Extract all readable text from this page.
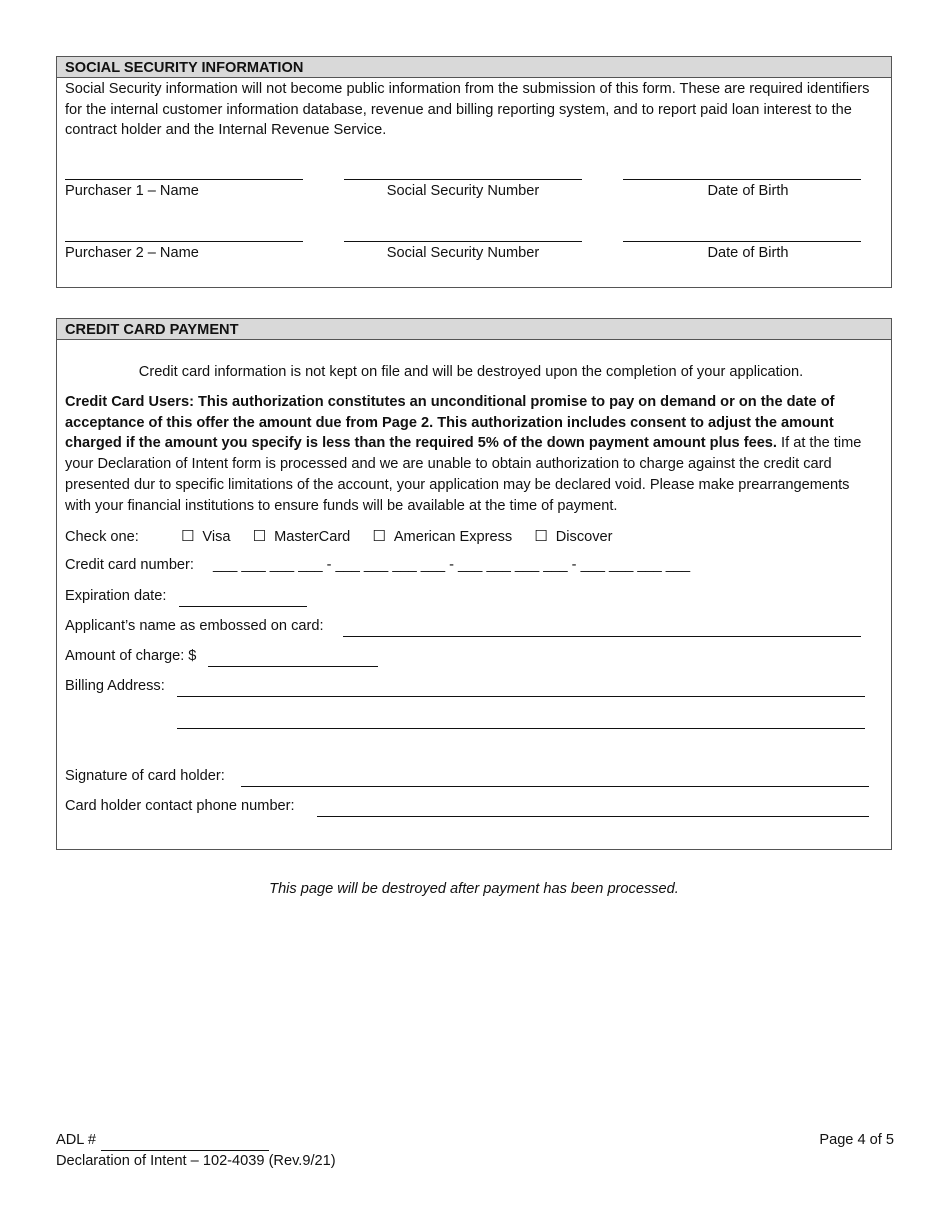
SOCIAL SECURITY INFORMATION
Social Security information will not become public information from the submission of this form. These are required identifiers for the internal customer information database, revenue and billing reporting system, and to report paid loan interest to the contract holder and the Internal Revenue Service.
Purchaser 1 – Name	Social Security Number	Date of Birth
Purchaser 2 – Name	Social Security Number	Date of Birth
CREDIT CARD PAYMENT
Credit card information is not kept on file and will be destroyed upon the completion of your application.
Credit Card Users: This authorization constitutes an unconditional promise to pay on demand or on the date of acceptance of this offer the amount due from Page 2. This authorization includes consent to adjust the amount charged if the amount you specify is less than the required 5% of the down payment amount plus fees. If at the time your Declaration of Intent form is processed and we are unable to obtain authorization to charge against the credit card presented dur to specific limitations of the account, your application may be declared void. Please make prearrangements with your financial institutions to ensure funds will be available at the time of payment.
Check one:	☐ Visa ☐ MasterCard ☐ American Express ☐ Discover
Credit card number: ___ ___ ___ ___ - ___ ___ ___ ___ - ___ ___ ___ ___ - ___ ___ ___ ___
Expiration date:
Applicant’s name as embossed on card:
Amount of charge: $
Billing Address:
Signature of card holder:
Card holder contact phone number:
This page will be destroyed after payment has been processed.
ADL #
Declaration of Intent – 102-4039 (Rev.9/21)
Page 4 of 5
